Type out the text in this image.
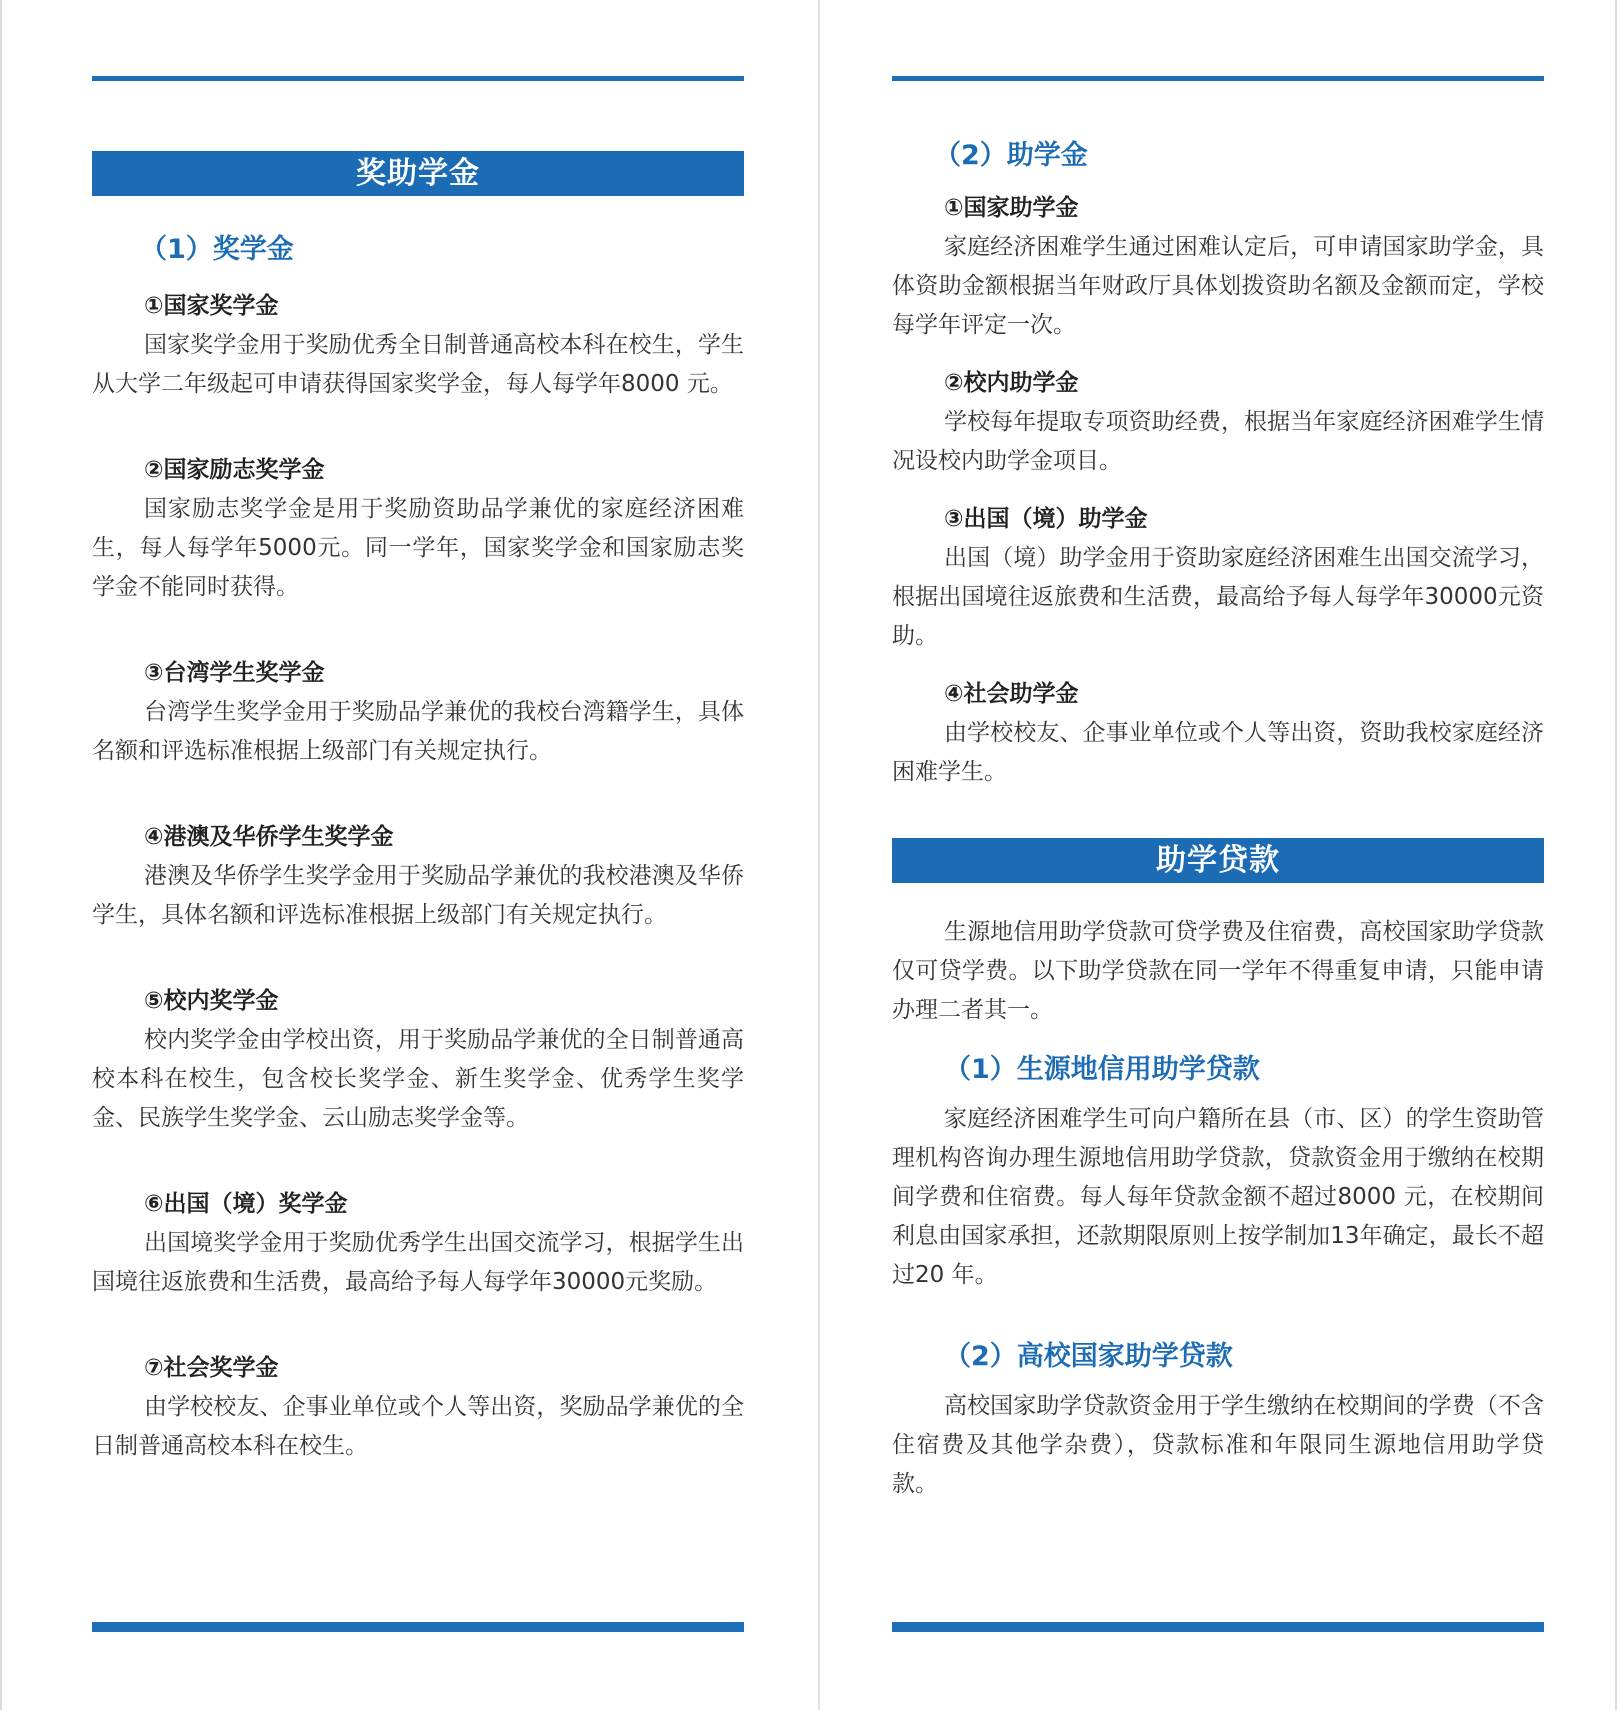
奖助学金
（1）奖学金
①国家奖学金
国家奖学金用于奖励优秀全日制普通高校本科在校生，学生从大学二年级起可申请获得国家奖学金，每人每学年8000 元。
②国家励志奖学金
国家励志奖学金是用于奖励资助品学兼优的家庭经济困难生，每人每学年5000元。同一学年，国家奖学金和国家励志奖学金不能同时获得。
③台湾学生奖学金
台湾学生奖学金用于奖励品学兼优的我校台湾籍学生，具体名额和评选标准根据上级部门有关规定执行。
④港澳及华侨学生奖学金
港澳及华侨学生奖学金用于奖励品学兼优的我校港澳及华侨学生，具体名额和评选标准根据上级部门有关规定执行。
⑤校内奖学金
校内奖学金由学校出资，用于奖励品学兼优的全日制普通高校本科在校生，包含校长奖学金、新生奖学金、优秀学生奖学金、民族学生奖学金、云山励志奖学金等。
⑥出国（境）奖学金
出国境奖学金用于奖励优秀学生出国交流学习，根据学生出国境往返旅费和生活费，最高给予每人每学年30000元奖励。
⑦社会奖学金
由学校校友、企事业单位或个人等出资，奖励品学兼优的全日制普通高校本科在校生。
（2）助学金
①国家助学金
家庭经济困难学生通过困难认定后，可申请国家助学金，具体资助金额根据当年财政厅具体划拨资助名额及金额而定，学校每学年评定一次。
②校内助学金
学校每年提取专项资助经费，根据当年家庭经济困难学生情况设校内助学金项目。
③出国（境）助学金
出国（境）助学金用于资助家庭经济困难生出国交流学习，根据出国境往返旅费和生活费，最高给予每人每学年30000元资助。
④社会助学金
由学校校友、企事业单位或个人等出资，资助我校家庭经济困难学生。
助学贷款
生源地信用助学贷款可贷学费及住宿费，高校国家助学贷款仅可贷学费。以下助学贷款在同一学年不得重复申请，只能申请办理二者其一。
（1）生源地信用助学贷款
家庭经济困难学生可向户籍所在县（市、区）的学生资助管理机构咨询办理生源地信用助学贷款，贷款资金用于缴纳在校期间学费和住宿费。每人每年贷款金额不超过8000 元，在校期间利息由国家承担，还款期限原则上按学制加13年确定，最长不超过20 年。
（2）高校国家助学贷款
高校国家助学贷款资金用于学生缴纳在校期间的学费（不含住宿费及其他学杂费），贷款标准和年限同生源地信用助学贷款。
